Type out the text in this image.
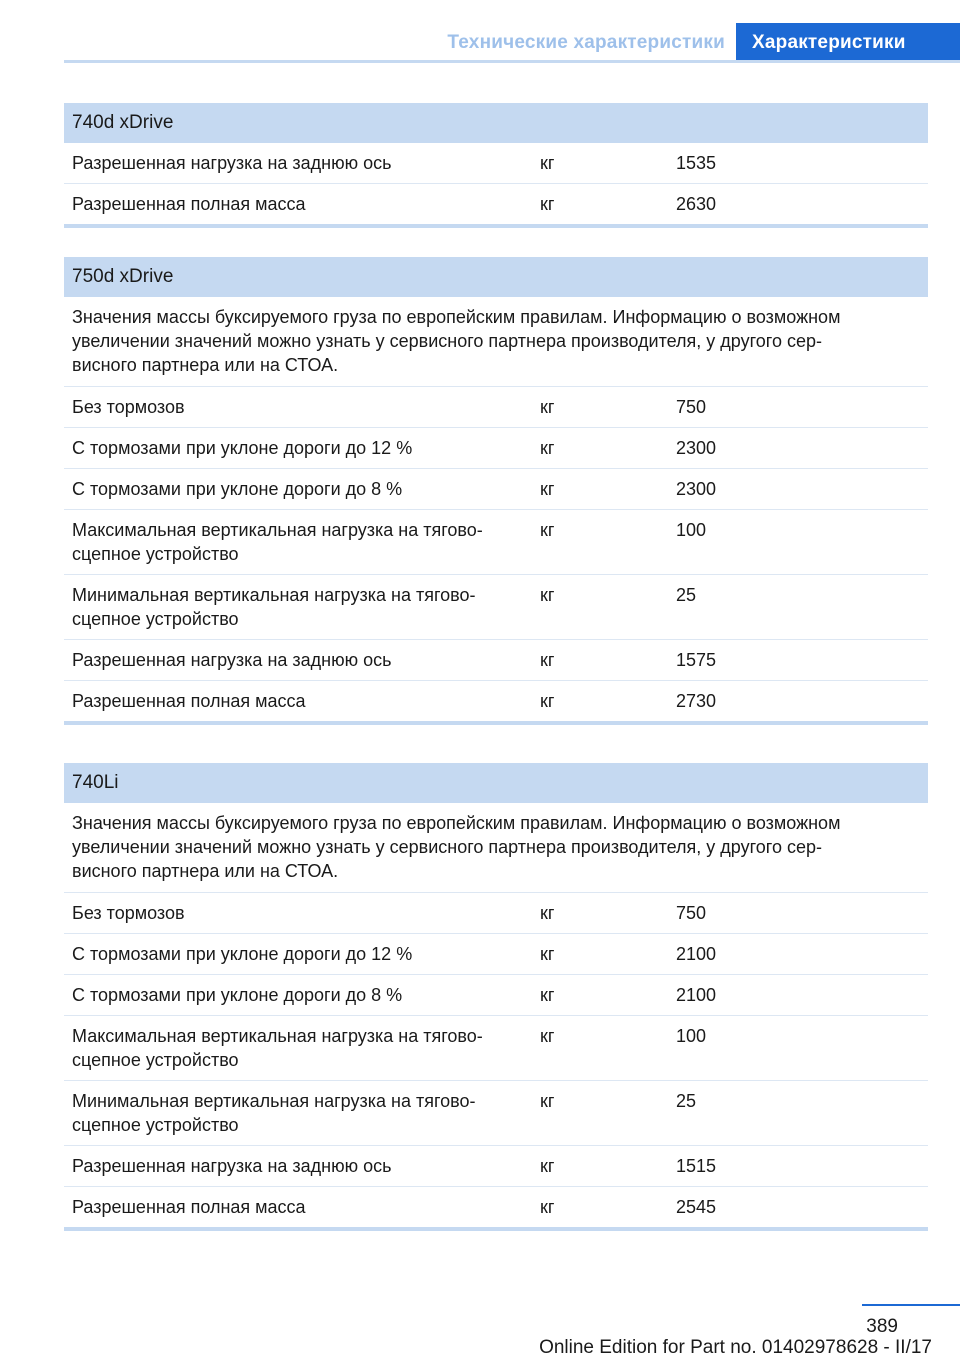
Технические характеристики	Характеристики
740d xDrive
Разрешенная нагрузка на заднюю ось	кг	1535
Разрешенная полная масса	кг	2630
750d xDrive
Значения массы буксируемого груза по европейским правилам. Информацию о возможном
увеличении значений можно узнать у сервисного партнера производителя, у другого сер-
висного партнера или на СТОА.
Без тормозов	кг	750
С тормозами при уклоне дороги до 12 %	кг	2300
С тормозами при уклоне дороги до 8 %	кг	2300
Максимальная вертикальная нагрузка на тягово-
сцепное устройство
кг	100
Минимальная вертикальная нагрузка на тягово-
сцепное устройство
кг	25
Разрешенная нагрузка на заднюю ось	кг	1575
Разрешенная полная масса	кг	2730
740Li
Значения массы буксируемого груза по европейским правилам. Информацию о возможном
увеличении значений можно узнать у сервисного партнера производителя, у другого сер-
висного партнера или на СТОА.
Без тормозов	кг	750
С тормозами при уклоне дороги до 12 %	кг	2100
С тормозами при уклоне дороги до 8 %	кг	2100
Максимальная вертикальная нагрузка на тягово-
сцепное устройство
кг	100
Минимальная вертикальная нагрузка на тягово-
сцепное устройство
кг	25
Разрешенная нагрузка на заднюю ось	кг	1515
Разрешенная полная масса	кг	2545
389
Online Edition for Part no. 01402978628 - II/17
